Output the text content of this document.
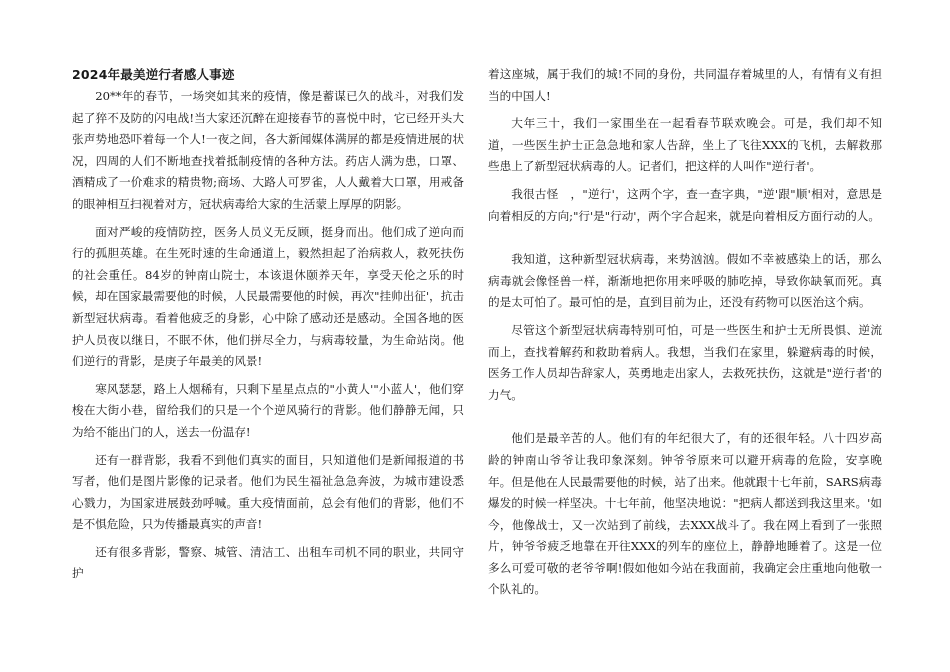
2024年最美逆行者感人事迹

20**年的春节，一场突如其来的疫情，像是蓄谋已久的战斗，对我们发起了猝不及防的闪电战!当大家还沉醉在迎接春节的喜悦中时，它已经开头大张声势地恐吓着每一个人!一夜之间，各大新闻媒体满屏的都是疫情进展的状况，四周的人们不断地查找着抵制疫情的各种方法。药店人满为患，口罩、酒精成了一价难求的精贵物;商场、大路人可罗雀，人人戴着大口罩，用戒备的眼神相互扫视着对方，冠状病毒给大家的生活蒙上厚厚的阴影。

面对严峻的疫情防控，医务人员义无反顾，挺身而出。他们成了逆向而行的孤胆英雄。在生死时速的生命通道上，毅然担起了治病救人，救死扶伤的社会重任。84岁的钟南山院士，本该退休颐养天年，享受天伦之乐的时候，却在国家最需要他的时候，人民最需要他的时候，再次"挂帅出征'，抗击新型冠状病毒。看着他疲乏的身影，心中除了感动还是感动。全国各地的医护人员夜以继日，不眠不休，他们拼尽全力，与病毒较量，为生命站岗。他们逆行的背影，是庚子年最美的风景!

寒风瑟瑟，路上人烟稀有，只剩下星星点点的"小黄人'"小蓝人'，他们穿梭在大街小巷，留给我们的只是一个个逆风骑行的背影。他们静静无闻，只为给不能出门的人，送去一份温存!

还有一群背影，我看不到他们真实的面目，只知道他们是新闻报道的书写者，他们是图片影像的记录者。他们为民生福祉急急奔波，为城市建设悉心戮力，为国家进展鼓劲呼喊。重大疫情面前，总会有他们的背影，他们不是不惧危险，只为传播最真实的声音!

还有很多背影，警察、城管、清洁工、出租车司机不同的职业，共同守护

着这座城，属于我们的城!不同的身份，共同温存着城里的人，有情有义有担当的中国人!

大年三十，我们一家围坐在一起看春节联欢晚会。可是，我们却不知道，一些医生护士正急急地和家人告辞，坐上了飞往XXX的飞机，去解救那些患上了新型冠状病毒的人。记者们，把这样的人叫作"逆行者'。

我很古怪　，"逆行'，这两个字，查一查字典，"逆'跟"顺'相对，意思是向着相反的方向;"行'是"行动'，两个字合起来，就是向着相反方面行动的人。

我知道，这种新型冠状病毒，来势汹汹。假如不幸被感染上的话，那么病毒就会像怪兽一样，渐渐地把你用来呼吸的肺吃掉，导致你缺氧而死。真的是太可怕了。最可怕的是，直到目前为止，还没有药物可以医治这个病。

尽管这个新型冠状病毒特别可怕，可是一些医生和护士无所畏惧、逆流而上，查找着解药和救助着病人。我想，当我们在家里，躲避病毒的时候，医务工作人员却告辞家人，英勇地走出家人，去救死扶伤，这就是"逆行者'的力气。

他们是最辛苦的人。他们有的年纪很大了，有的还很年轻。八十四岁高龄的钟南山爷爷让我印象深刻。钟爷爷原来可以避开病毒的危险，安享晚年。但是他在人民最需要他的时候，站了出来。他就跟十七年前，SARS病毒爆发的时候一样坚决。十七年前，他坚决地说："把病人都送到我这里来。'如今，他像战士，又一次站到了前线，去XXX战斗了。我在网上看到了一张照片，钟爷爷疲乏地靠在开往XXX的列车的座位上，静静地睡着了。这是一位多么可爱可敬的老爷爷啊!假如他如今站在我面前，我确定会庄重地向他敬一个队礼的。
